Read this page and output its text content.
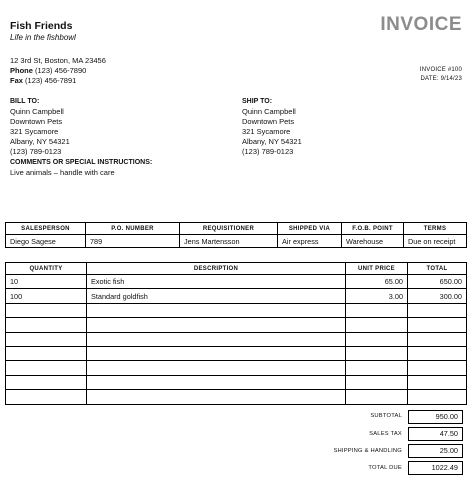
Fish Friends
Life in the fishbowl
12 3rd St, Boston, MA 23456
Phone (123) 456-7890
Fax (123) 456-7891
INVOICE
INVOICE #100
DATE: 9/14/23
BILL TO:
Quinn Campbell
Downtown Pets
321 Sycamore
Albany, NY 54321
(123) 789-0123
SHIP TO:
Quinn Campbell
Downtown Pets
321 Sycamore
Albany, NY 54321
(123) 789-0123
COMMENTS OR SPECIAL INSTRUCTIONS:
Live animals – handle with care
SALESPERSON	P.O. NUMBER	REQUISITIONER	SHIPPED VIA	F.O.B. POINT	TERMS
Diego Sagese	789	Jens Martensson	Air express	Warehouse	Due on receipt
QUANTITY	DESCRIPTION	UNIT PRICE	TOTAL
10	Exotic fish	65.00	650.00
100	Standard goldfish	3.00	300.00

SUBTOTAL	950.00
SALES TAX	47.50
SHIPPING & HANDLING	25.00
TOTAL DUE	1022.49
